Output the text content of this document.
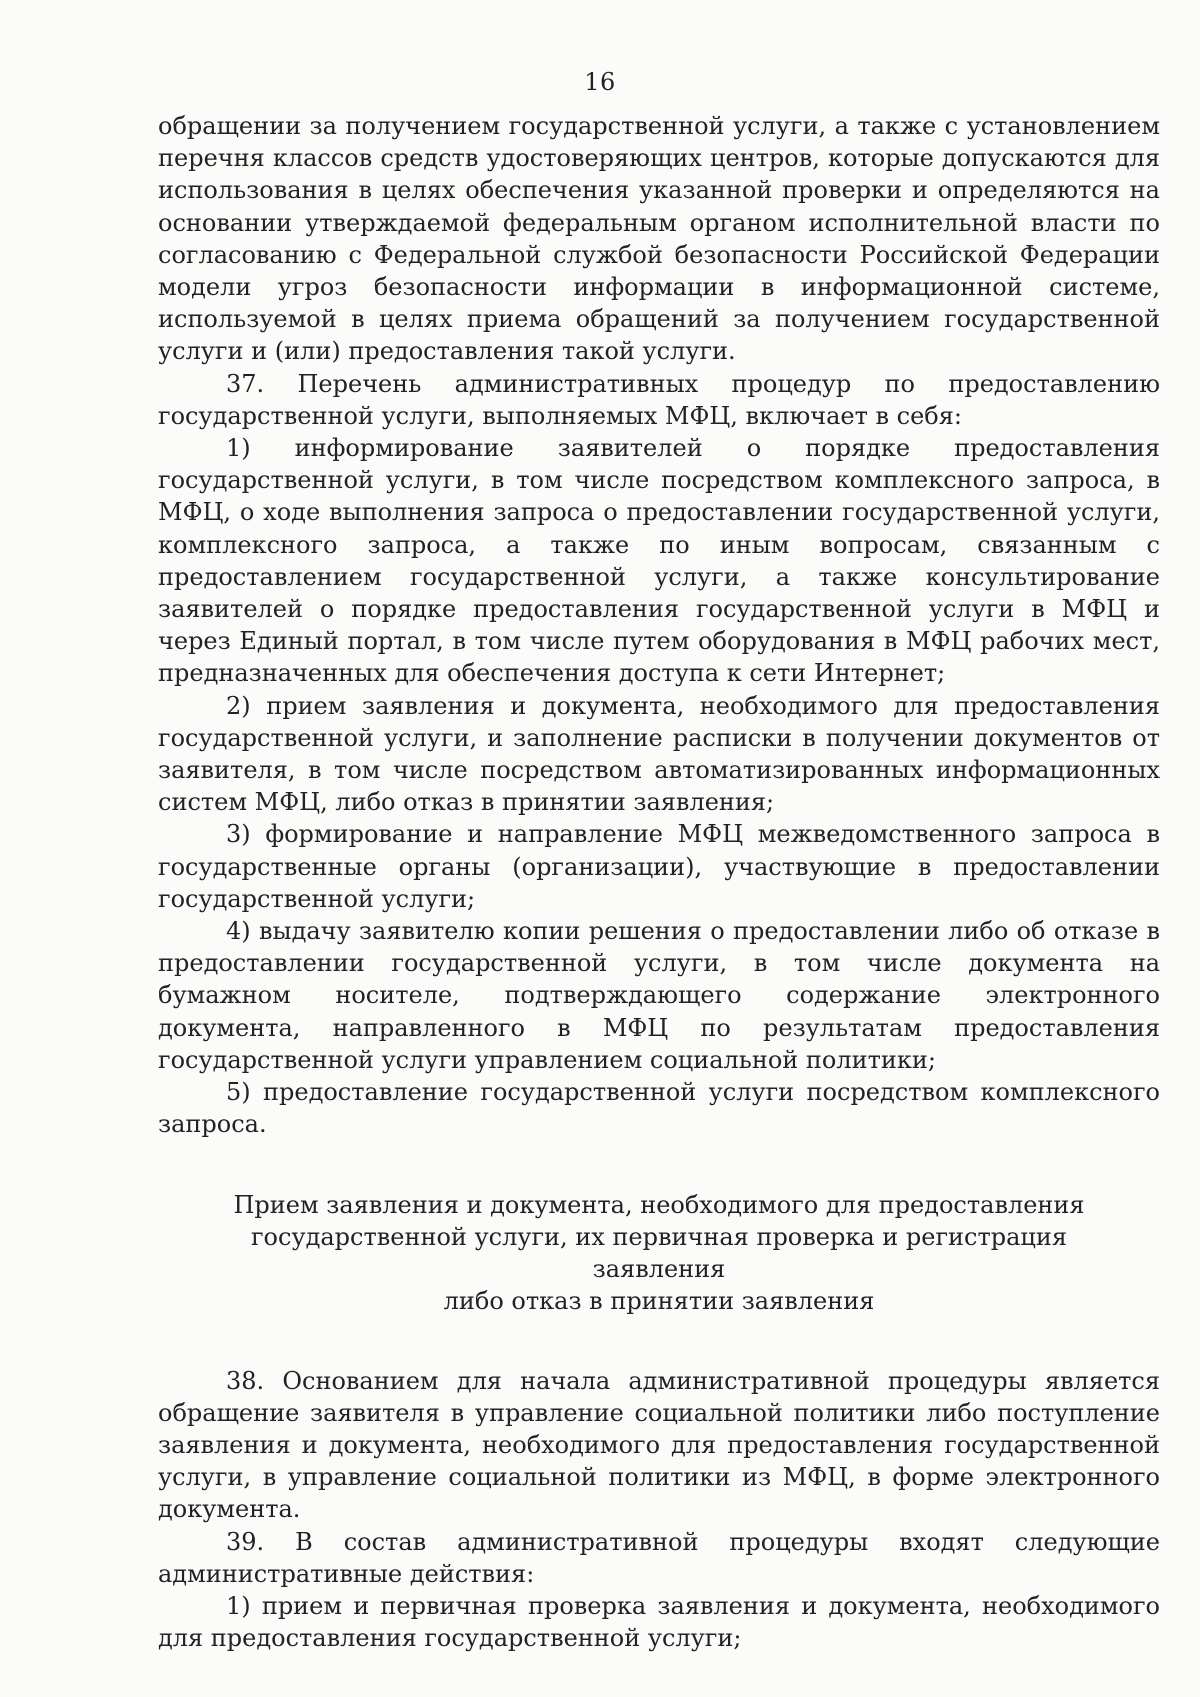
16

обращении за получением государственной услуги, а также с установлением перечня классов средств удостоверяющих центров, которые допускаются для использования в целях обеспечения указанной проверки и определяются на основании утверждаемой федеральным органом исполнительной власти по согласованию с Федеральной службой безопасности Российской Федерации модели угроз безопасности информации в информационной системе, используемой в целях приема обращений за получением государственной услуги и (или) предоставления такой услуги.

37. Перечень административных процедур по предоставлению государственной услуги, выполняемых МФЦ, включает в себя:

1) информирование заявителей о порядке предоставления государственной услуги, в том числе посредством комплексного запроса, в МФЦ, о ходе выполнения запроса о предоставлении государственной услуги, комплексного запроса, а также по иным вопросам, связанным с предоставлением государственной услуги, а также консультирование заявителей о порядке предоставления государственной услуги в МФЦ и через Единый портал, в том числе путем оборудования в МФЦ рабочих мест, предназначенных для обеспечения доступа к сети Интернет;

2) прием заявления и документа, необходимого для предоставления государственной услуги, и заполнение расписки в получении документов от заявителя, в том числе посредством автоматизированных информационных систем МФЦ, либо отказ в принятии заявления;

3) формирование и направление МФЦ межведомственного запроса в государственные органы (организации), участвующие в предоставлении государственной услуги;

4) выдачу заявителю копии решения о предоставлении либо об отказе в предоставлении государственной услуги, в том числе документа на бумажном носителе, подтверждающего содержание электронного документа, направленного в МФЦ по результатам предоставления государственной услуги управлением социальной политики;

5) предоставление государственной услуги посредством комплексного запроса.

Прием заявления и документа, необходимого для предоставления
государственной услуги, их первичная проверка и регистрация заявления
либо отказ в принятии заявления

38. Основанием для начала административной процедуры является обращение заявителя в управление социальной политики либо поступление заявления и документа, необходимого для предоставления государственной услуги, в управление социальной политики из МФЦ, в форме электронного документа.

39. В состав административной процедуры входят следующие административные действия:

1) прием и первичная проверка заявления и документа, необходимого для предоставления государственной услуги;
